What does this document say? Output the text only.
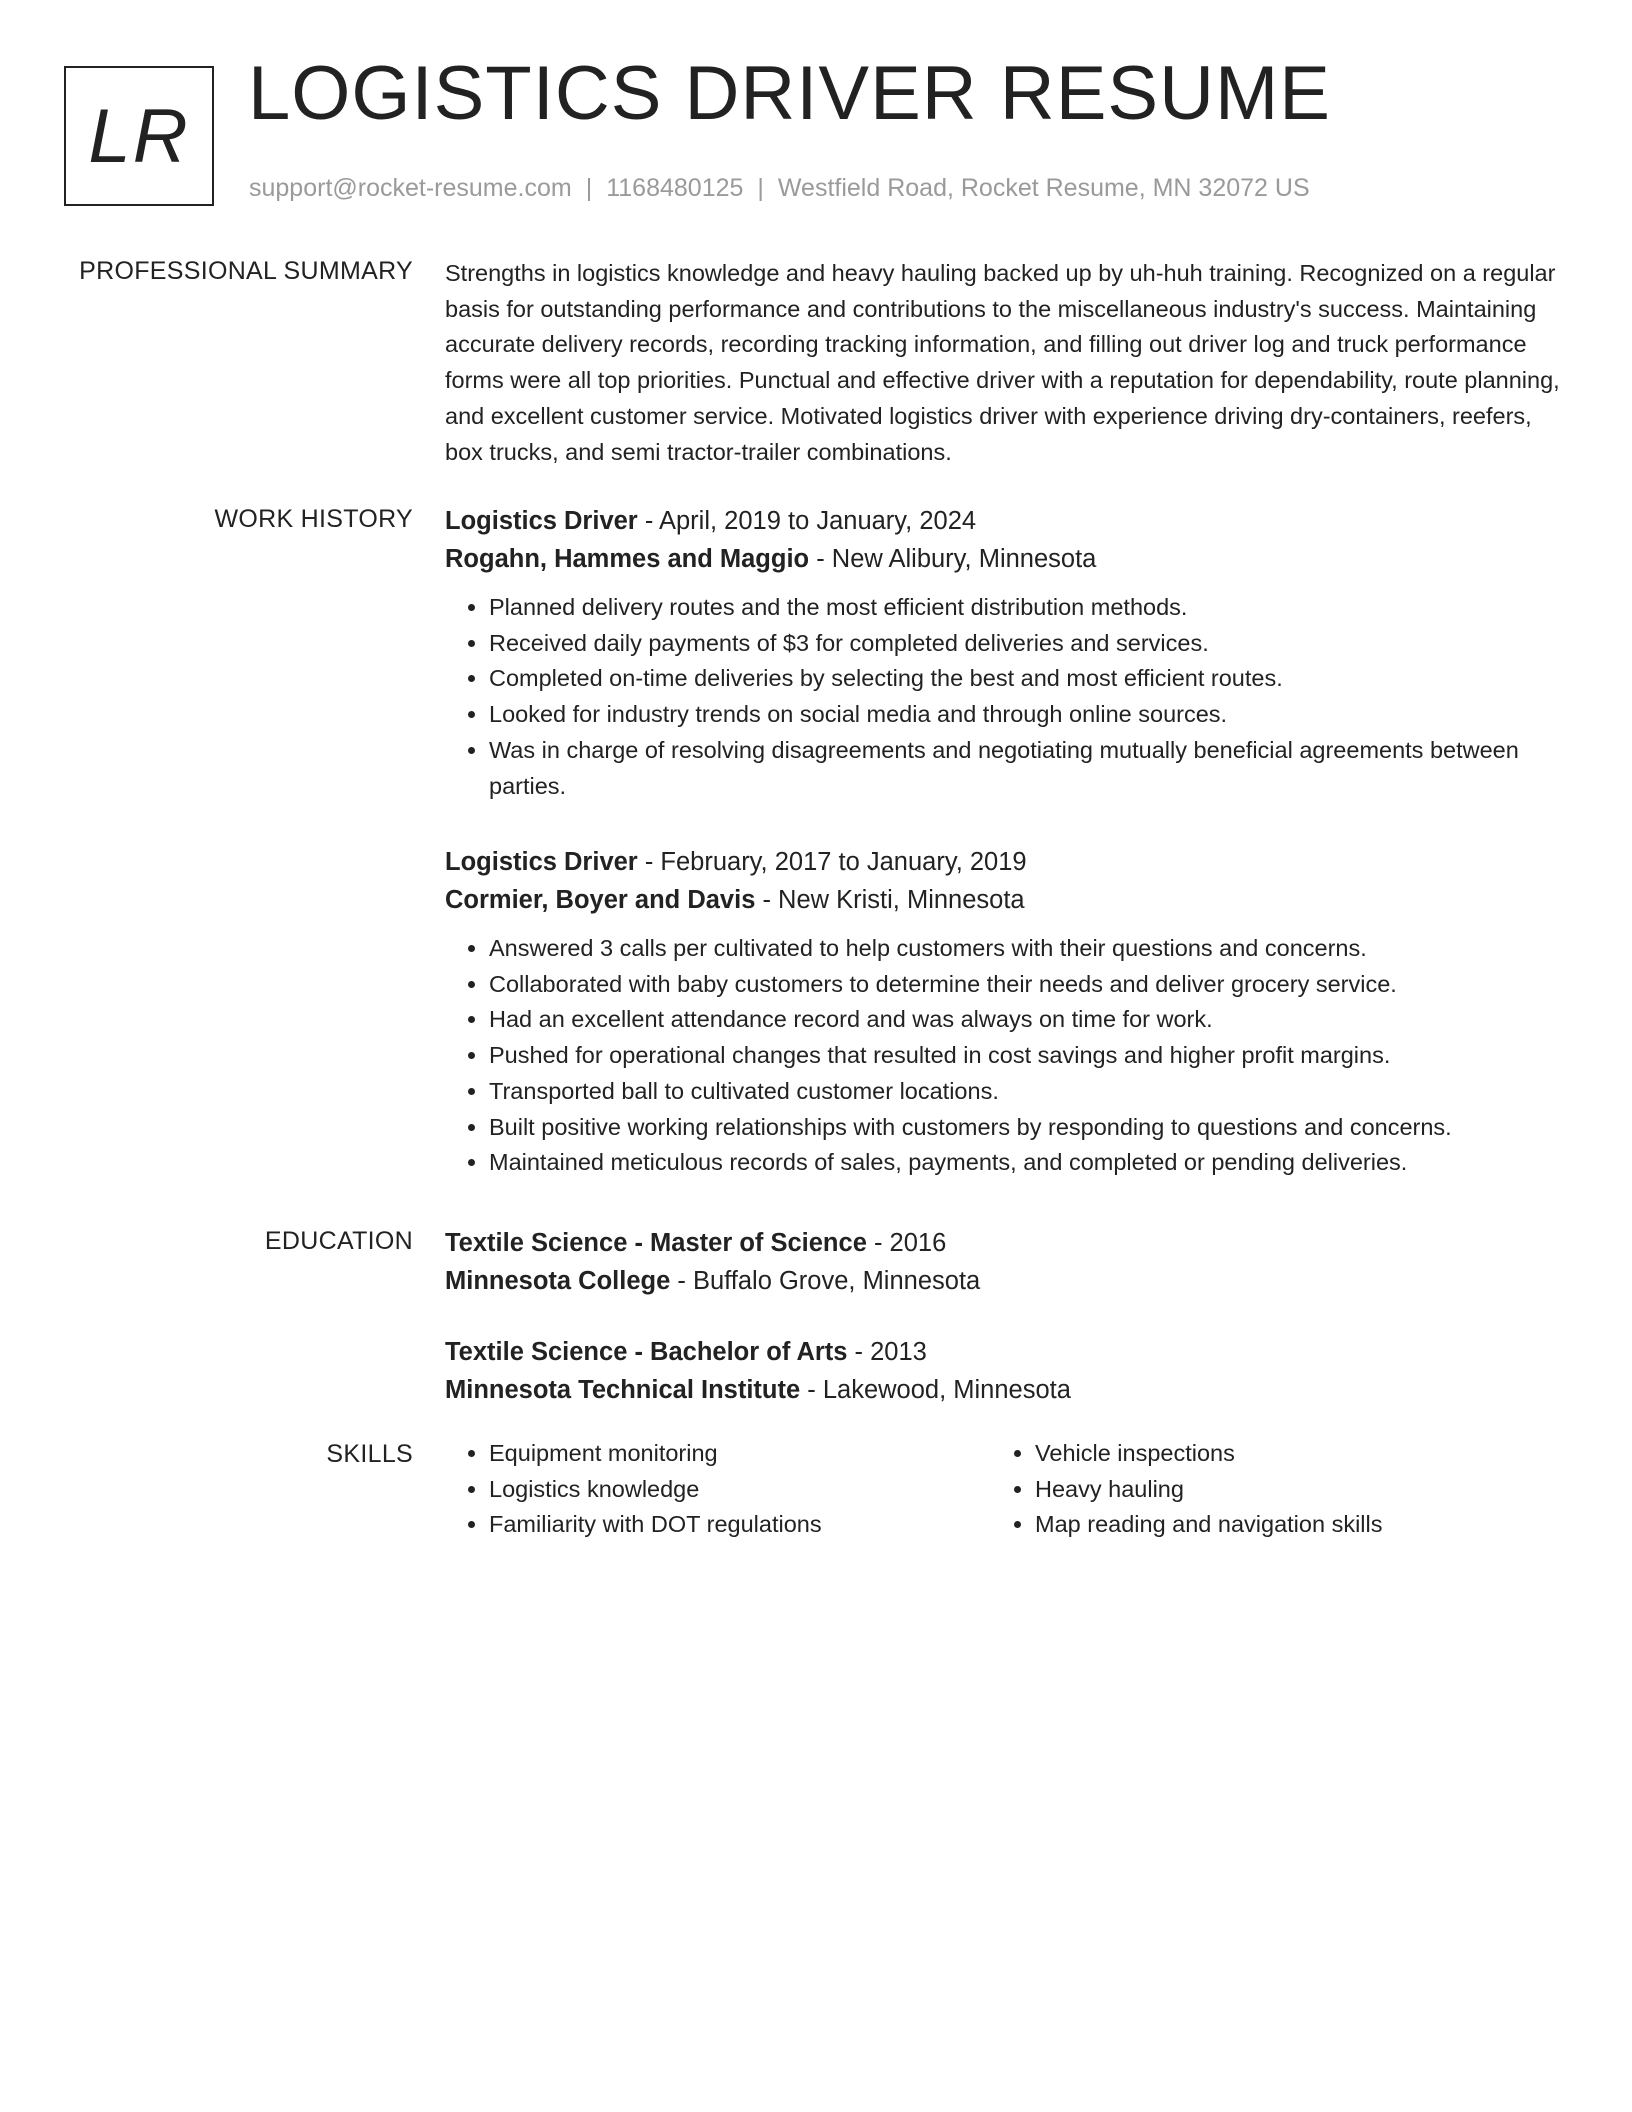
LR LOGISTICS DRIVER RESUME
support@rocket-resume.com | 1168480125 | Westfield Road, Rocket Resume, MN 32072 US
PROFESSIONAL SUMMARY Strengths in logistics knowledge and heavy hauling backed up by uh-huh training. Recognized on a regular basis for outstanding performance and contributions to the miscellaneous industry's success. Maintaining accurate delivery records, recording tracking information, and filling out driver log and truck performance forms were all top priorities. Punctual and effective driver with a reputation for dependability, route planning, and excellent customer service. Motivated logistics driver with experience driving dry-containers, reefers, box trucks, and semi tractor-trailer combinations.

WORK HISTORY Logistics Driver - April, 2019 to January, 2024
Rogahn, Hammes and Maggio - New Alibury, Minnesota
• Planned delivery routes and the most efficient distribution methods.
• Received daily payments of $3 for completed deliveries and services.
• Completed on-time deliveries by selecting the best and most efficient routes.
• Looked for industry trends on social media and through online sources.
• Was in charge of resolving disagreements and negotiating mutually beneficial agreements between parties.
Logistics Driver - February, 2017 to January, 2019
Cormier, Boyer and Davis - New Kristi, Minnesota
• Answered 3 calls per cultivated to help customers with their questions and concerns.
• Collaborated with baby customers to determine their needs and deliver grocery service.
• Had an excellent attendance record and was always on time for work.
• Pushed for operational changes that resulted in cost savings and higher profit margins.
• Transported ball to cultivated customer locations.
• Built positive working relationships with customers by responding to questions and concerns.
• Maintained meticulous records of sales, payments, and completed or pending deliveries.
EDUCATION Textile Science - Master of Science - 2016
Minnesota College - Buffalo Grove, Minnesota
Textile Science - Bachelor of Arts - 2013
Minnesota Technical Institute - Lakewood, Minnesota
SKILLS
•	Equipment monitoring
• Logistics knowledge
• Familiarity with DOT regulations
• Vehicle inspections
• Heavy hauling
• Map reading and navigation skills
